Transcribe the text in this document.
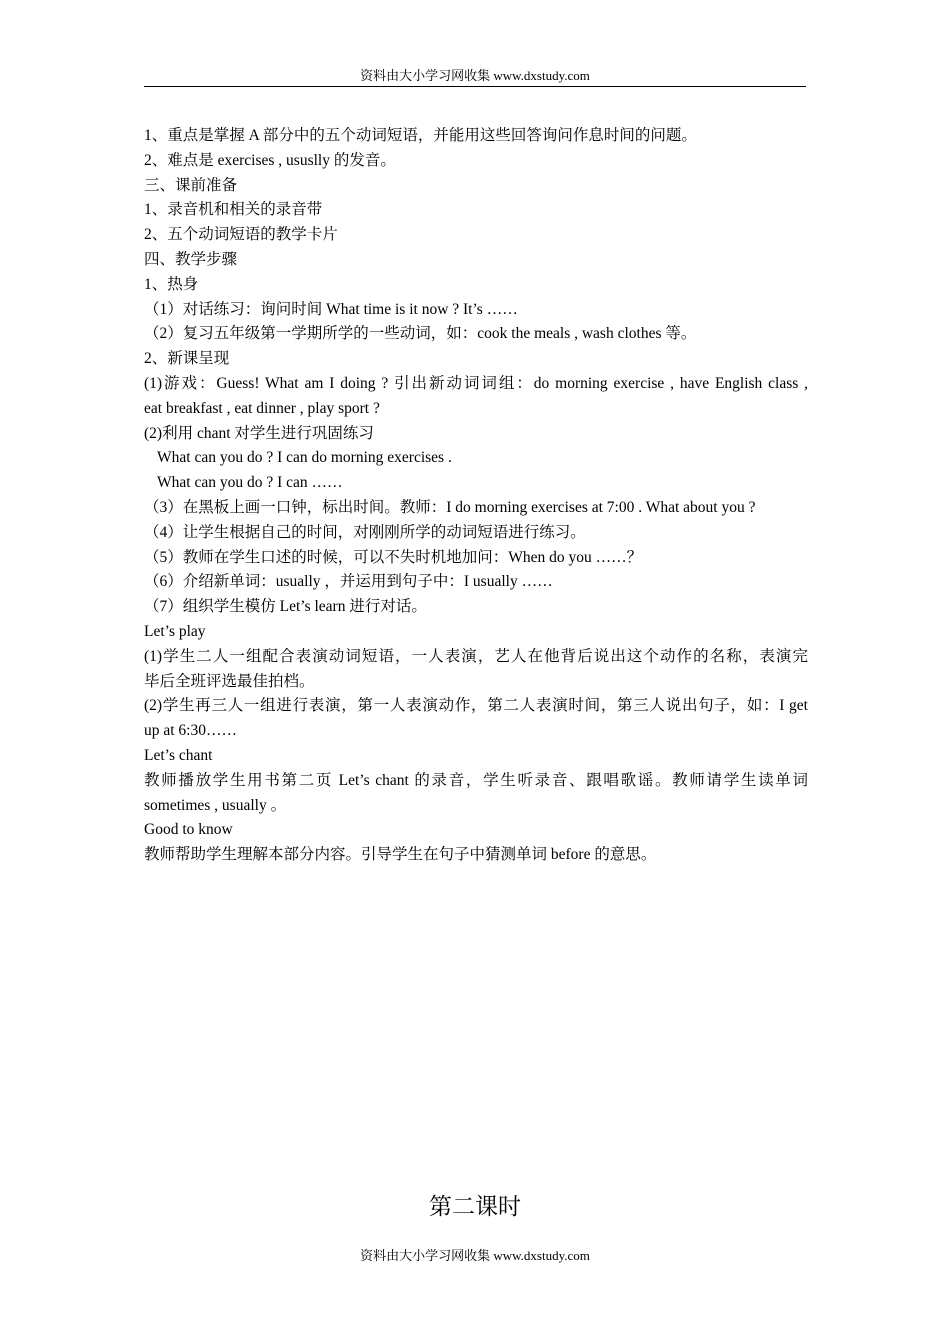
资料由大小学习网收集 www.dxstudy.com
1、重点是掌握 A 部分中的五个动词短语，并能用这些回答询问作息时间的问题。
2、难点是 exercises , ususlly 的发音。
三、课前准备
1、录音机和相关的录音带
2、五个动词短语的教学卡片
四、教学步骤
1、热身
（1）对话练习：询问时间 What time is it now ? It’s ……
（2）复习五年级第一学期所学的一些动词，如：cook the meals , wash clothes 等。
2、新课呈现
(1)游戏：Guess! What am I doing ? 引出新动词词组：do morning exercise , have English class ,
eat breakfast , eat dinner , play sport ?
(2)利用 chant 对学生进行巩固练习
What can you do ? I can do morning exercises .
What can you do ? I can ……
（3）在黑板上画一口钟，标出时间。教师：I do morning exercises at 7:00 . What about you ?
（4）让学生根据自己的时间，对刚刚所学的动词短语进行练习。
（5）教师在学生口述的时候，可以不失时机地加问：When do you ……？
（6）介绍新单词：usually ，并运用到句子中：I usually ……
（7）组织学生模仿 Let’s learn 进行对话。
Let’s play
(1)学生二人一组配合表演动词短语，一人表演，艺人在他背后说出这个动作的名称，表演完
毕后全班评选最佳拍档。
(2)学生再三人一组进行表演，第一人表演动作，第二人表演时间，第三人说出句子，如：I get
up at 6:30……
Let’s chant
教师播放学生用书第二页 Let’s chant 的录音，学生听录音、跟唱歌谣。教师请学生读单词
sometimes , usually 。
Good to know
教师帮助学生理解本部分内容。引导学生在句子中猜测单词 before 的意思。
第二课时
资料由大小学习网收集 www.dxstudy.com
